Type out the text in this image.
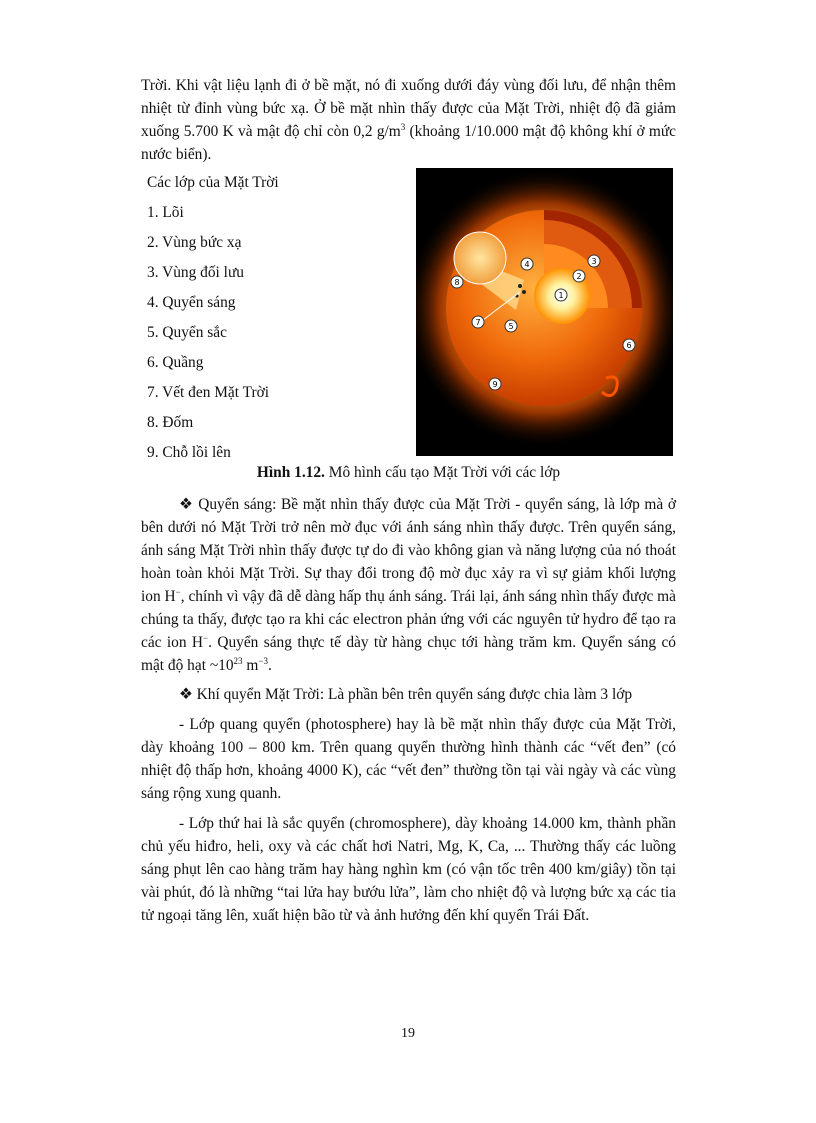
Trời. Khi vật liệu lạnh đi ở bề mặt, nó đi xuống dưới đáy vùng đối lưu, để nhận thêm nhiệt từ đỉnh vùng bức xạ. Ở bề mặt nhìn thấy được của Mặt Trời, nhiệt độ đã giảm xuống 5.700 K và mật độ chỉ còn 0,2 $g/m^3$ (khoảng 1/10.000 mật độ không khí ở mức nước biển).

Các lớp của Mặt Trời
1. Lõi
2. Vùng bức xạ
3. Vùng đối lưu
4. Quyển sáng
5. Quyển sắc
6. Quầng
7. Vết đen Mặt Trời
8. Đốm
9. Chỗ lồi lên
1
2
3
4
5
6
7
8
9
Hình 1.12. Mô hình cấu tạo Mặt Trời với các lớp

❖ Quyển sáng: Bề mặt nhìn thấy được của Mặt Trời - quyển sáng, là lớp mà ở bên dưới nó Mặt Trời trở nên mờ đục với ánh sáng nhìn thấy được. Trên quyển sáng, ánh sáng Mặt Trời nhìn thấy được tự do đi vào không gian và năng lượng của nó thoát hoàn toàn khỏi Mặt Trời. Sự thay đổi trong độ mờ đục xảy ra vì sự giảm khối lượng ion H−, chính vì vậy đã dễ dàng hấp thụ ánh sáng. Trái lại, ánh sáng nhìn thấy được mà chúng ta thấy, được tạo ra khi các electron phản ứng với các nguyên tử hydro để tạo ra các ion H−. Quyển sáng thực tế dày từ hàng chục tới hàng trăm km. Quyển sáng có mật độ hạt $\sim 10^{23}$ $m^{-3}$.

❖ Khí quyển Mặt Trời: Là phần bên trên quyển sáng được chia làm 3 lớp

- Lớp quang quyển (photosphere) hay là bề mặt nhìn thấy được của Mặt Trời, dày khoảng 100 – 800 km. Trên quang quyển thường hình thành các “vết đen” (có nhiệt độ thấp hơn, khoảng 4000 K), các “vết đen” thường tồn tại vài ngày và các vùng sáng rộng xung quanh.

- Lớp thứ hai là sắc quyển (chromosphere), dày khoảng 14.000 km, thành phần chủ yếu hiđro, heli, oxy và các chất hơi Natri, Mg, K, Ca, ... Thường thấy các luồng sáng phụt lên cao hàng trăm hay hàng nghìn km (có vận tốc trên 400 km/giây) tồn tại vài phút, đó là những “tai lửa hay bướu lửa”, làm cho nhiệt độ và lượng bức xạ các tia tử ngoại tăng lên, xuất hiện bão từ và ảnh hưởng đến khí quyển Trái Đất.

19
